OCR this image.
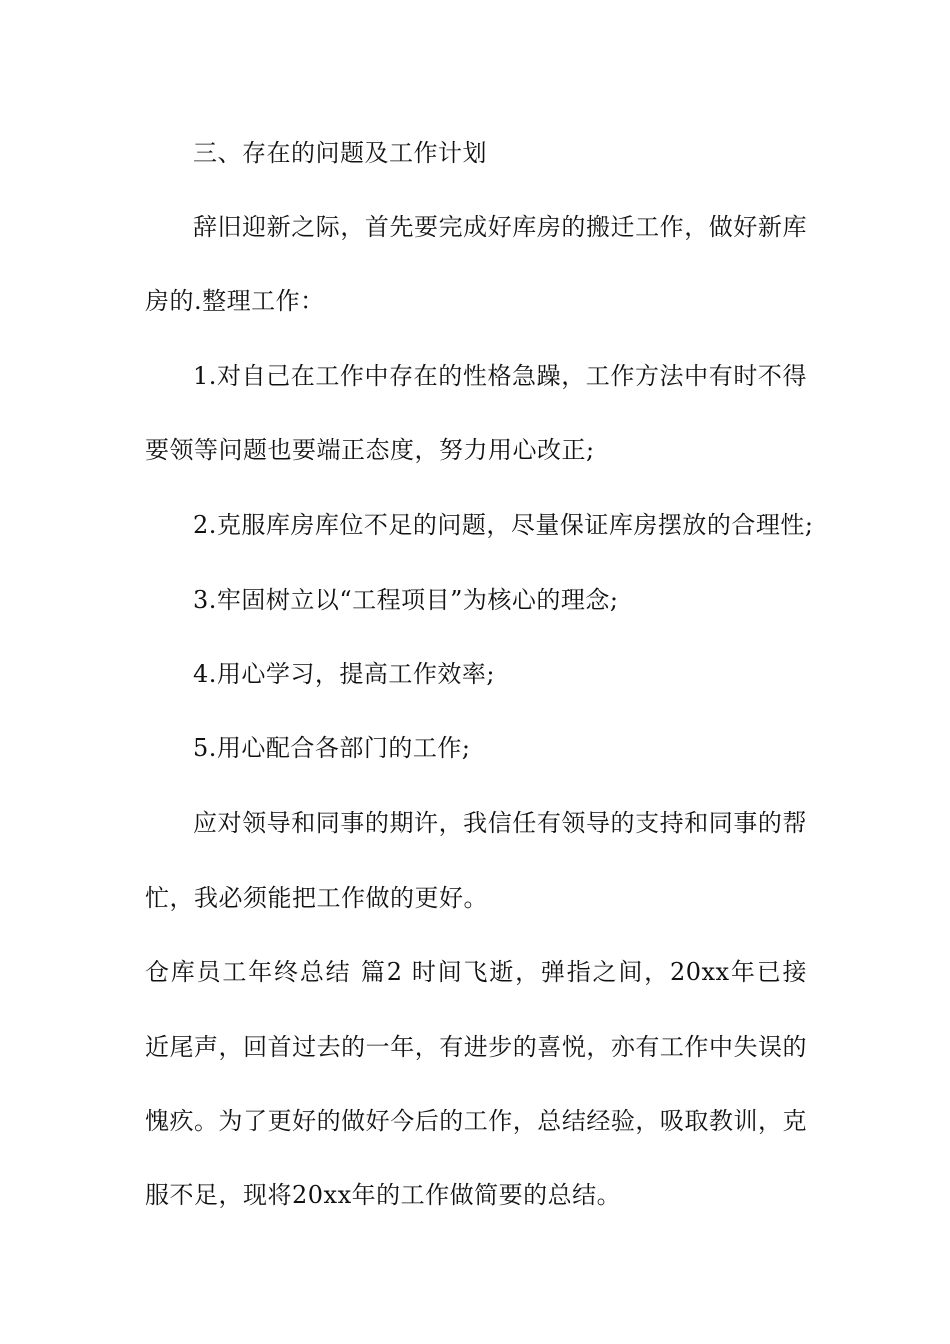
三、存在的问题及工作计划
辞旧迎新之际，首先要完成好库房的搬迁工作，做好新库
房的.整理工作：
1.对自己在工作中存在的性格急躁，工作方法中有时不得
要领等问题也要端正态度，努力用心改正;
2.克服库房库位不足的问题，尽量保证库房摆放的合理性;
3.牢固树立以“工程项目”为核心的理念;
4.用心学习，提高工作效率;
5.用心配合各部门的工作;
应对领导和同事的期许，我信任有领导的支持和同事的帮
忙，我必须能把工作做的更好。
仓库员工年终总结 篇2 时间飞逝，弹指之间，20xx年已接
近尾声，回首过去的一年，有进步的喜悦，亦有工作中失误的
愧疚。为了更好的做好今后的工作，总结经验，吸取教训，克
服不足，现将20xx年的工作做简要的总结。
